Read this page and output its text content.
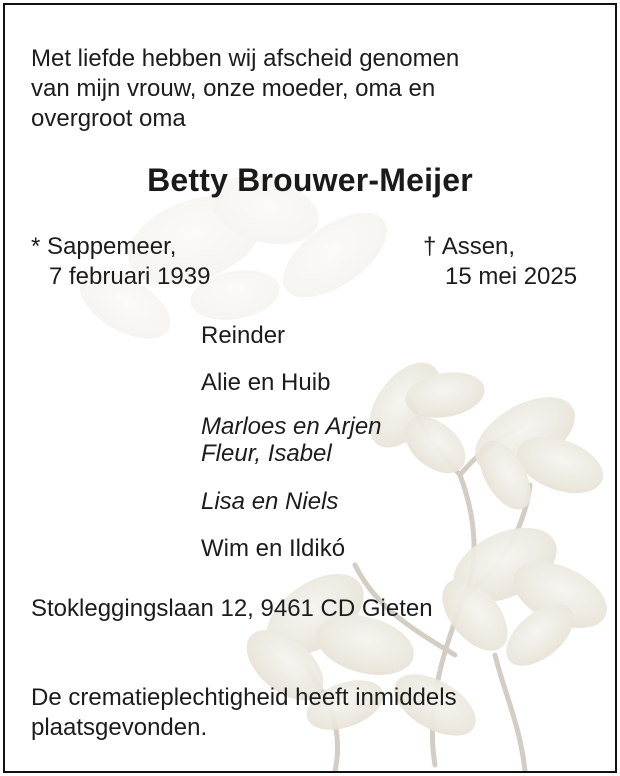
Met liefde hebben wij afscheid genomen
van mijn vrouw, onze moeder, oma en
overgroot oma
Betty Brouwer-Meijer
* Sappemeer,
7 februari 1939
† Assen,
15 mei 2025
Reinder
Alie en Huib
Marloes en Arjen
Fleur, Isabel
Lisa en Niels
Wim en Ildikó
Stokleggingslaan 12, 9461 CD Gieten
De crematieplechtigheid heeft inmiddels
plaatsgevonden.
